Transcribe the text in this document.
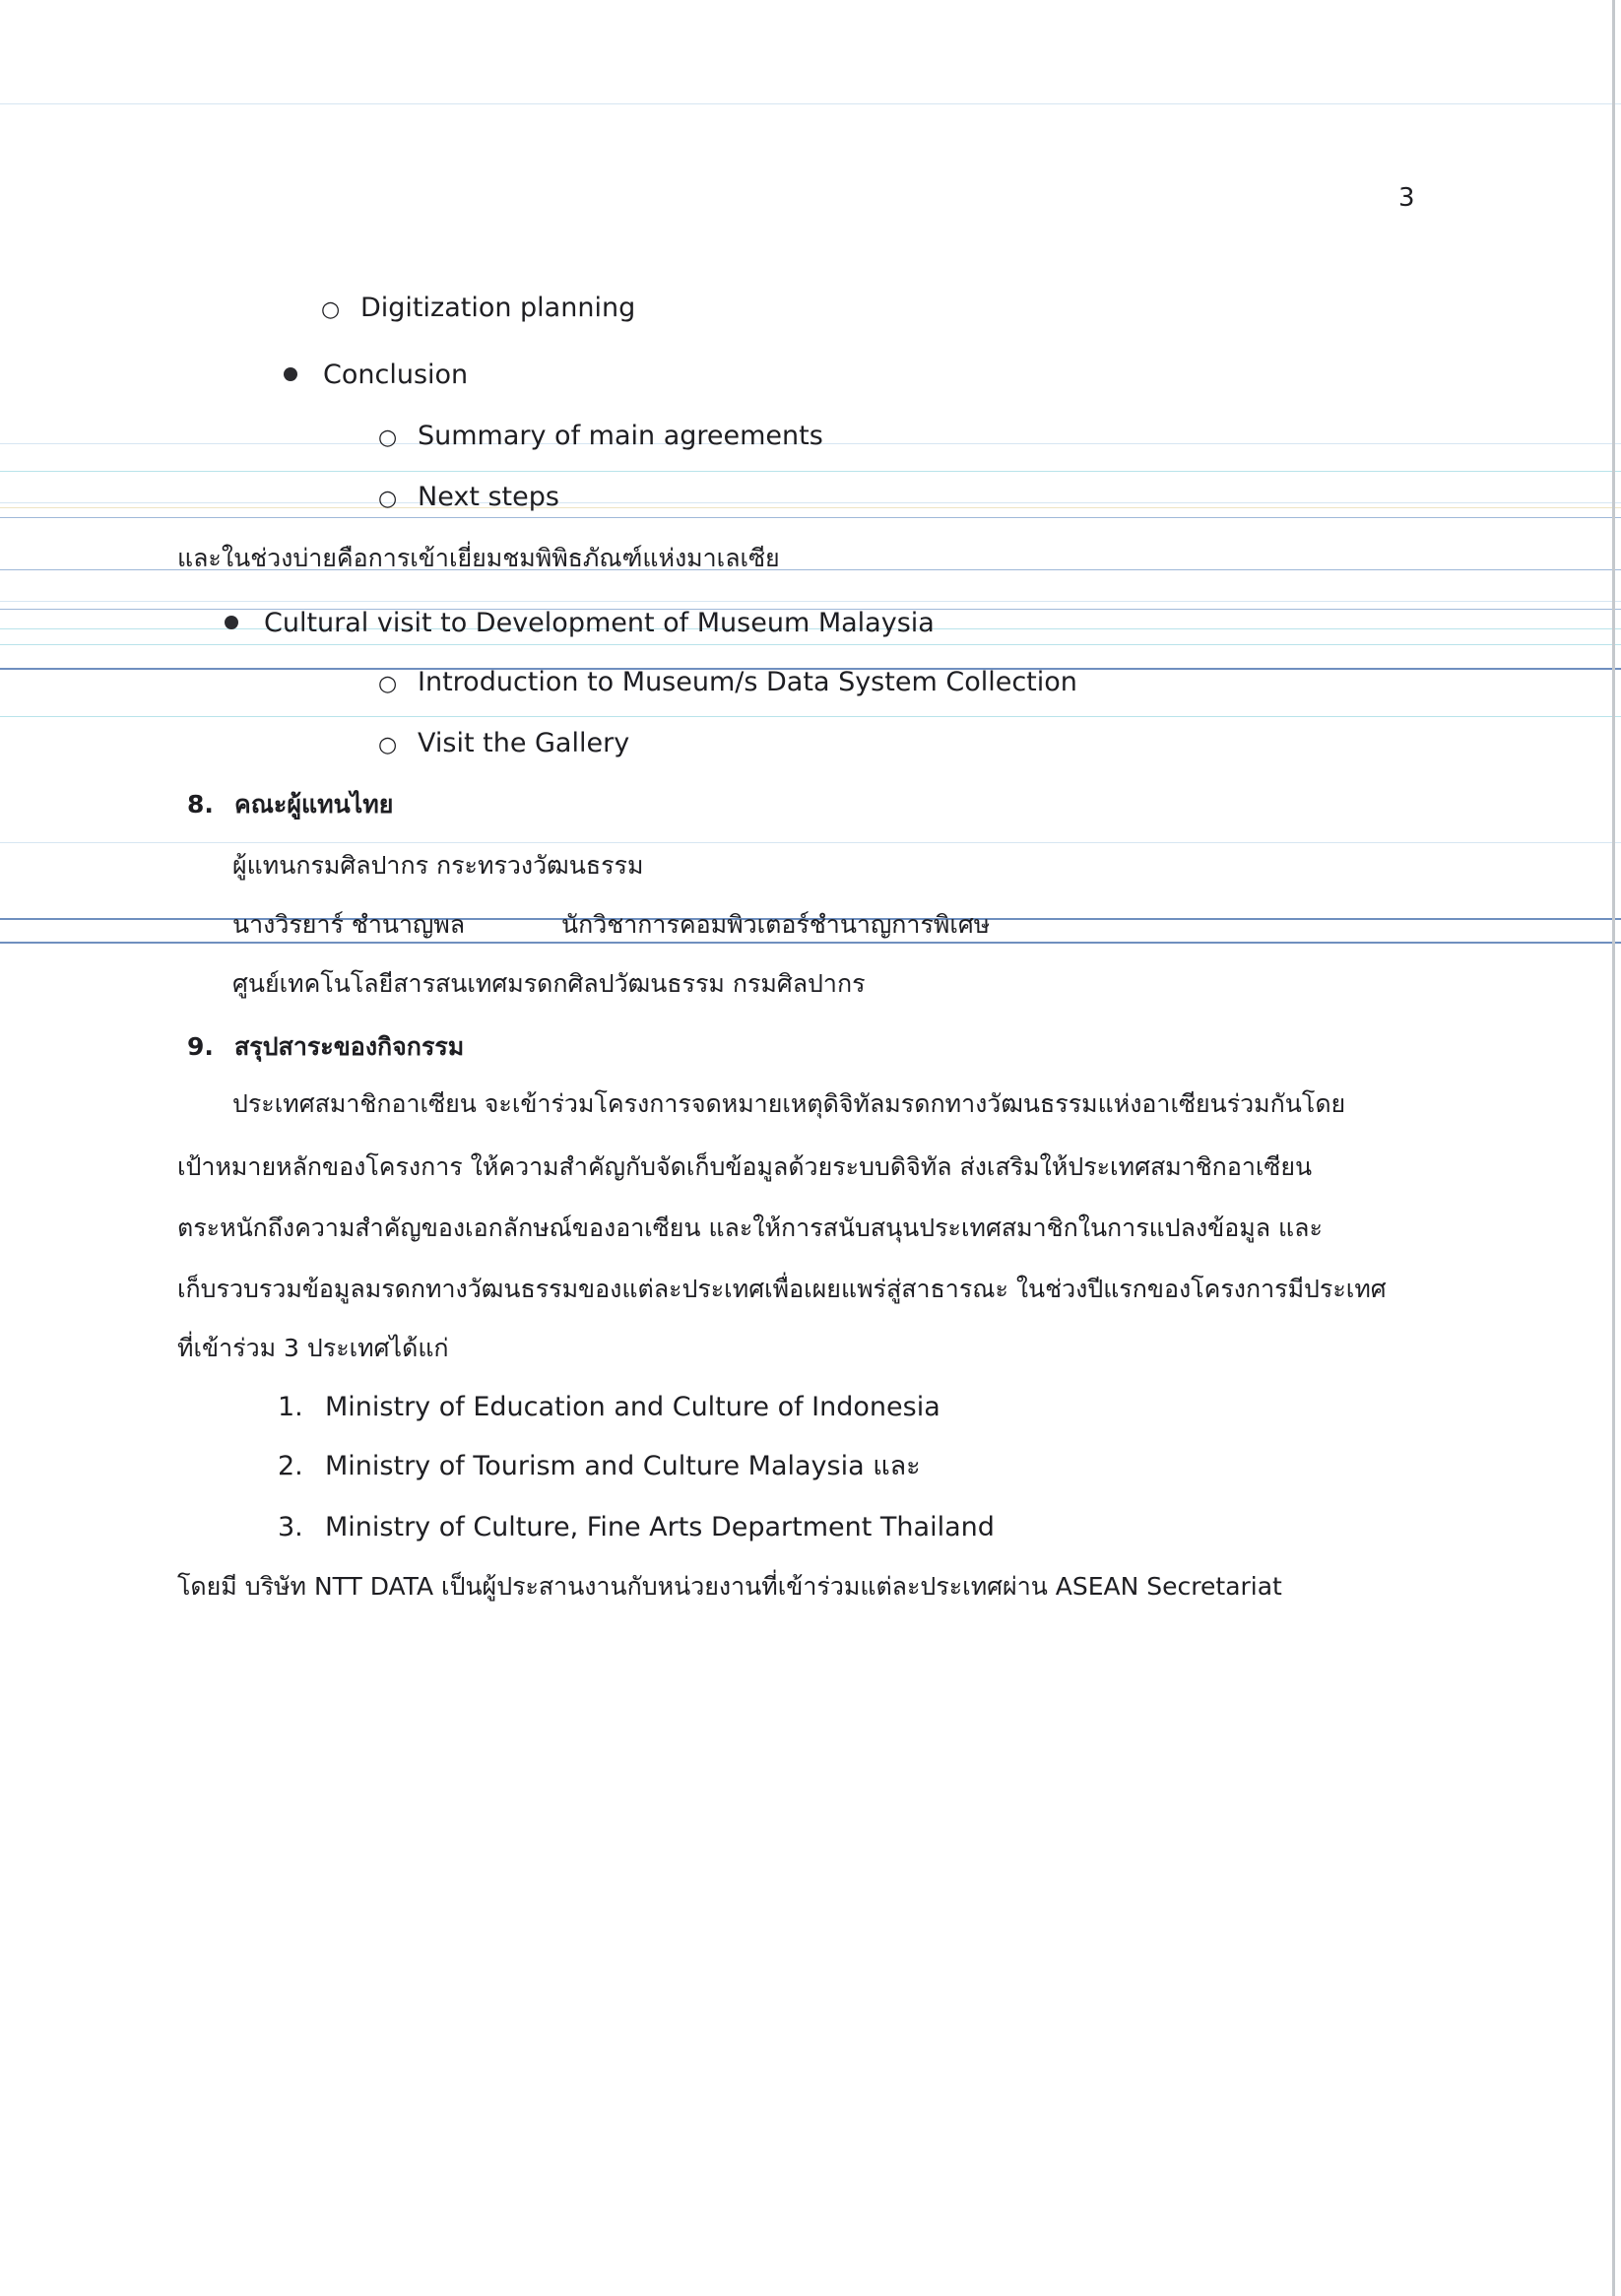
3
○ Digitization planning
Conclusion
○ Summary of main agreements
○ Next steps
และในช่วงบ่ายคือการเข้าเยี่ยมชมพิพิธภัณฑ์แห่งมาเลเซีย
Cultural visit to Development of Museum Malaysia
○ Introduction to Museum/s Data System Collection
○ Visit the Gallery
8. คณะผู้แทนไทย
ผู้แทนกรมศิลปากร กระทรวงวัฒนธรรม
นางวิรยาร์ ชำนาญพล	นักวิชาการคอมพิวเตอร์ชำนาญการพิเศษ
ศูนย์เทคโนโลยีสารสนเทศมรดกศิลปวัฒนธรรม กรมศิลปากร
9. สรุปสาระของกิจกรรม
ประเทศสมาชิกอาเซียน จะเข้าร่วมโครงการจดหมายเหตุดิจิทัลมรดกทางวัฒนธรรมแห่งอาเซียนร่วมกันโดย
เป้าหมายหลักของโครงการ ให้ความสำคัญกับจัดเก็บข้อมูลด้วยระบบดิจิทัล ส่งเสริมให้ประเทศสมาชิกอาเซียน
ตระหนักถึงความสำคัญของเอกลักษณ์ของอาเซียน และให้การสนับสนุนประเทศสมาชิกในการแปลงข้อมูล และ
เก็บรวบรวมข้อมูลมรดกทางวัฒนธรรมของแต่ละประเทศเพื่อเผยแพร่สู่สาธารณะ ในช่วงปีแรกของโครงการมีประเทศ
ที่เข้าร่วม 3 ประเทศได้แก่
1. Ministry of Education and Culture of Indonesia
2. Ministry of Tourism and Culture Malaysia และ
3. Ministry of Culture, Fine Arts Department Thailand
โดยมี บริษัท NTT DATA เป็นผู้ประสานงานกับหน่วยงานที่เข้าร่วมแต่ละประเทศผ่าน ASEAN Secretariat
